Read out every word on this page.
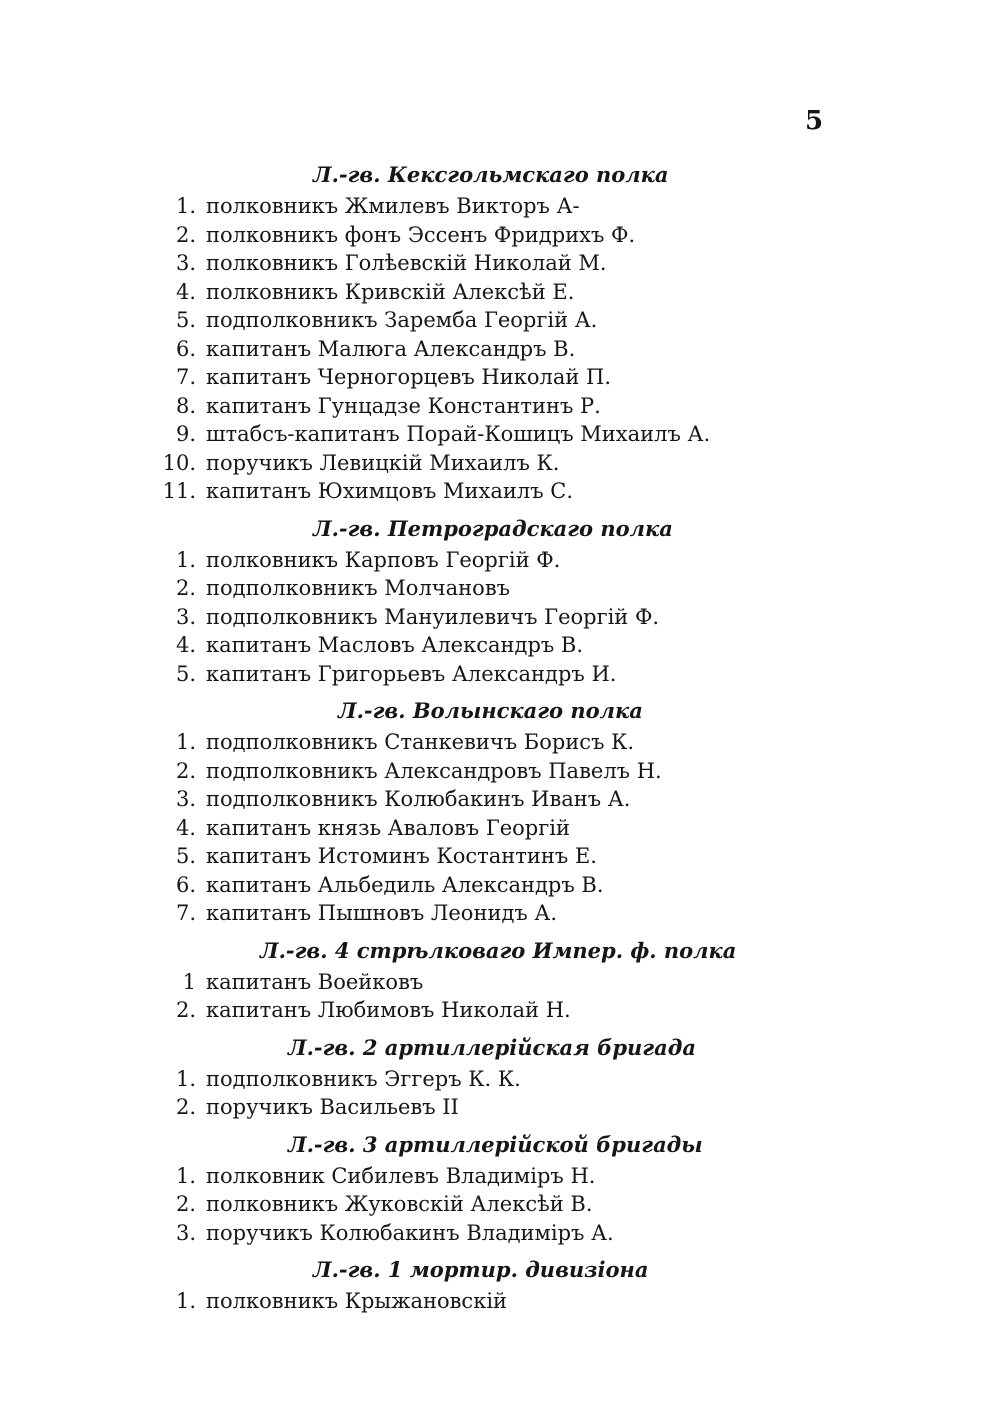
5
Л.-гв. Кексгольмскаго полка
1. полковникъ Жмилевъ Викторъ А-
2. полковникъ фонъ Эссенъ Фридрихъ Ф.
3. полковникъ Голѣевскій Николай М.
4. полковникъ Кривскій Алексѣй Е.
5. подполковникъ Заремба Георгій А.
6. капитанъ Малюга Александръ В.
7. капитанъ Черногорцевъ Николай П.
8. капитанъ Гунцадзе Константинъ Р.
9. штабсъ-капитанъ Порай-Кошицъ Михаилъ А.
10. поручикъ Левицкій Михаилъ К.
11. капитанъ Юхимцовъ Михаилъ С.
Л.-гв. Петроградскаго полка
1. полковникъ Карповъ Георгій Ф.
2. подполковникъ Молчановъ
3. подполковникъ Мануилевичъ Георгій Ф.
4. капитанъ Масловъ Александръ В.
5. капитанъ Григорьевъ Александръ И.
Л.-гв. Волынскаго полка
1. подполковникъ Станкевичъ Борисъ К.
2. подполковникъ Александровъ Павелъ Н.
3. подполковникъ Колюбакинъ Иванъ А.
4. капитанъ князь Аваловъ Георгій
5. капитанъ Истоминъ Костантинъ Е.
6. капитанъ Альбедиль Александръ В.
7. капитанъ Пышновъ Леонидъ А.
Л.-гв. 4 стрѣлковаго Импер. ф. полка
1 капитанъ Воейковъ
2. капитанъ Любимовъ Николай Н.
Л.-гв. 2 артиллерійская бригада
1. подполковникъ Эггеръ К. К.
2. поручикъ Васильевъ II
Л.-гв. 3 артиллерійской бригады
1. полковник Сибилевъ Владиміръ Н.
2. полковникъ Жуковскій Алексѣй В.
3. поручикъ Колюбакинъ Владиміръ А.
Л.-гв. 1 мортир. дивизіона
1. полковникъ Крыжановскій
